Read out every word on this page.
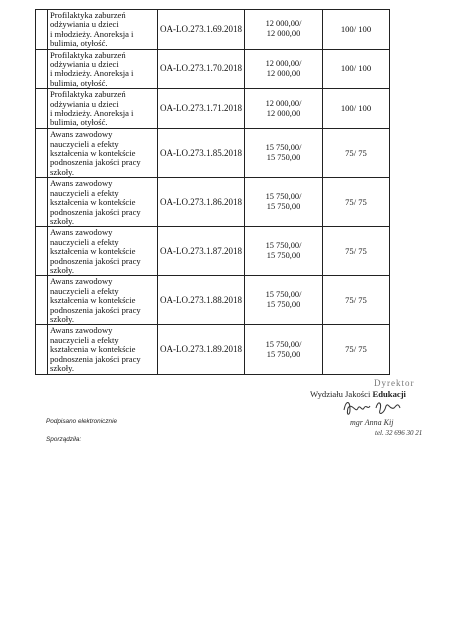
	Profilaktyka zaburzeń
odżywiania u dzieci
i młodzieży. Anoreksja i
bulimia, otyłość.	OA-LO.273.1.69.2018	12 000,00/
12 000,00	100/ 100
	Profilaktyka zaburzeń
odżywiania u dzieci
i młodzieży. Anoreksja i
bulimia, otyłość.	OA-LO.273.1.70.2018	12 000,00/
12 000,00	100/ 100
	Profilaktyka zaburzeń
odżywiania u dzieci
i młodzieży. Anoreksja i
bulimia, otyłość.	OA-LO.273.1.71.2018	12 000,00/
12 000,00	100/ 100
	Awans zawodowy
nauczycieli a efekty
kształcenia w kontekście
podnoszenia jakości pracy
szkoły.	OA-LO.273.1.85.2018	15 750,00/
15 750,00	75/ 75
	Awans zawodowy
nauczycieli a efekty
kształcenia w kontekście
podnoszenia jakości pracy
szkoły.	OA-LO.273.1.86.2018	15 750,00/
15 750,00	75/ 75
	Awans zawodowy
nauczycieli a efekty
kształcenia w kontekście
podnoszenia jakości pracy
szkoły.	OA-LO.273.1.87.2018	15 750,00/
15 750,00	75/ 75
	Awans zawodowy
nauczycieli a efekty
kształcenia w kontekście
podnoszenia jakości pracy
szkoły.	OA-LO.273.1.88.2018	15 750,00/
15 750,00	75/ 75
	Awans zawodowy
nauczycieli a efekty
kształcenia w kontekście
podnoszenia jakości pracy
szkoły.	OA-LO.273.1.89.2018	15 750,00/
15 750,00	75/ 75
Podpisano elektronicznie
Sporządziła:
Dyrektor
Wydziału Jakości Edukacji
mgr Anna Kij
tel. 32 696 30 21
